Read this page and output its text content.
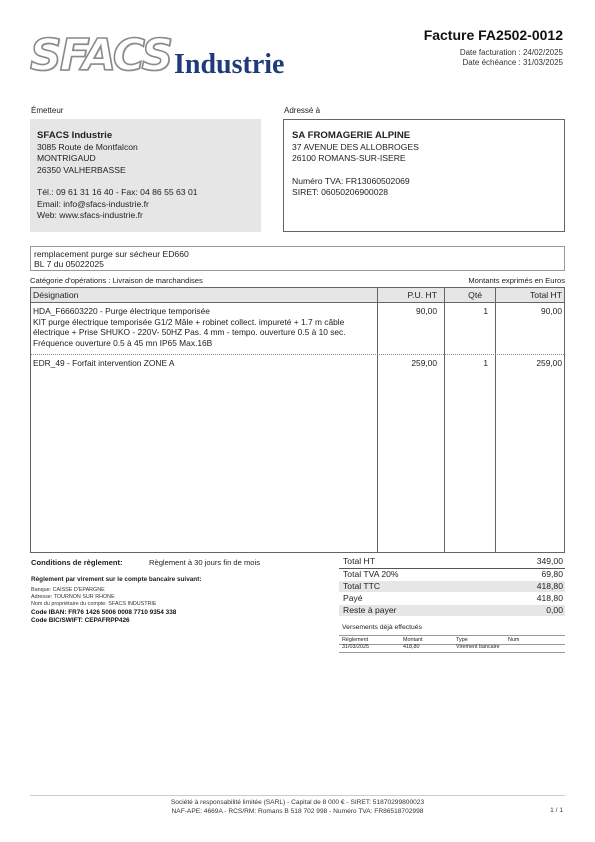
SFACS Industrie
Facture FA2502-0012
Date facturation : 24/02/2025
Date échéance : 31/03/2025
Émetteur
SFACS Industrie
3085 Route de Montfalcon
MONTRIGAUD
26350 VALHERBASSE
Tél.: 09 61 31 16 40 - Fax: 04 86 55 63 01
Email: info@sfacs-industrie.fr
Web: www.sfacs-industrie.fr
Adressé à
SA FROMAGERIE ALPINE
37 AVENUE DES ALLOBROGES
26100 ROMANS-SUR-ISERE
Numéro TVA: FR13060502069
SIRET: 06050206900028
remplacement purge sur sécheur ED660
BL 7 du 05022025
Catégorie d'opérations : Livraison de marchandises	Montants exprimés en Euros
Désignation	P.U. HT	Qté	Total HT
HDA_F66603220 - Purge électrique temporisée
KIT purge électrique temporisée G1/2 Mâle + robinet collect. impureté + 1.7 m câble
électrique + Prise SHUKO - 220V- 50HZ Pas. 4 mm - tempo. ouverture 0.5 à 10 sec.
Fréquence ouverture 0.5 à 45 mn IP65 Max.16B
90,00	1	90,00
EDR_49 - Forfait intervention ZONE A	259,00	1	259,00
Conditions de règlement:	Règlement à 30 jours fin de mois
Règlement par virement sur le compte bancaire suivant:
Banque: CAISSE D'EPARGNE
Adresse: TOURNON SUR RHONE
Nom du propriétaire du compte: SFACS INDUSTRIE
Code IBAN: FR76 1426 5006 0008 7710 9354 338
Code BIC/SWIFT: CEPAFRPP426
Total HT	349,00
Total TVA 20%	69,80
Total TTC	418,80
Payé	418,80
Reste à payer	0,00
Versements déjà effectués
Règlement	Montant	Type	Num
31/03/2025	418,80	Virement bancaire
Société à responsabilité limitée (SARL) - Capital de 8 000 € - SIRET: 51870299800023
NAF-APE: 4669A - RCS/RM: Romans B 518 702 998 - Numéro TVA: FR86518702998	1 / 1
